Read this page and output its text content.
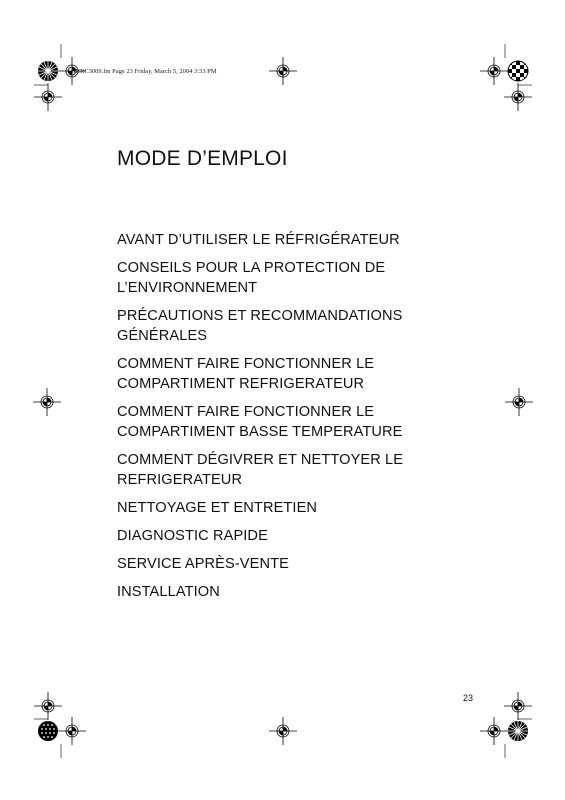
5HRC3009.fm Page 23 Friday, March 5, 2004 3:33 PM
MODE D’EMPLOI
AVANT D’UTILISER LE RÉFRIGÉRATEUR
CONSEILS POUR LA PROTECTION DE
L’ENVIRONNEMENT
PRÉCAUTIONS ET RECOMMANDATIONS
GÉNÉRALES
COMMENT FAIRE FONCTIONNER LE
COMPARTIMENT REFRIGERATEUR
COMMENT FAIRE FONCTIONNER LE
COMPARTIMENT BASSE TEMPERATURE
COMMENT DÉGIVRER ET NETTOYER LE
REFRIGERATEUR
NETTOYAGE ET ENTRETIEN
DIAGNOSTIC RAPIDE
SERVICE APRÈS-VENTE
INSTALLATION
23
